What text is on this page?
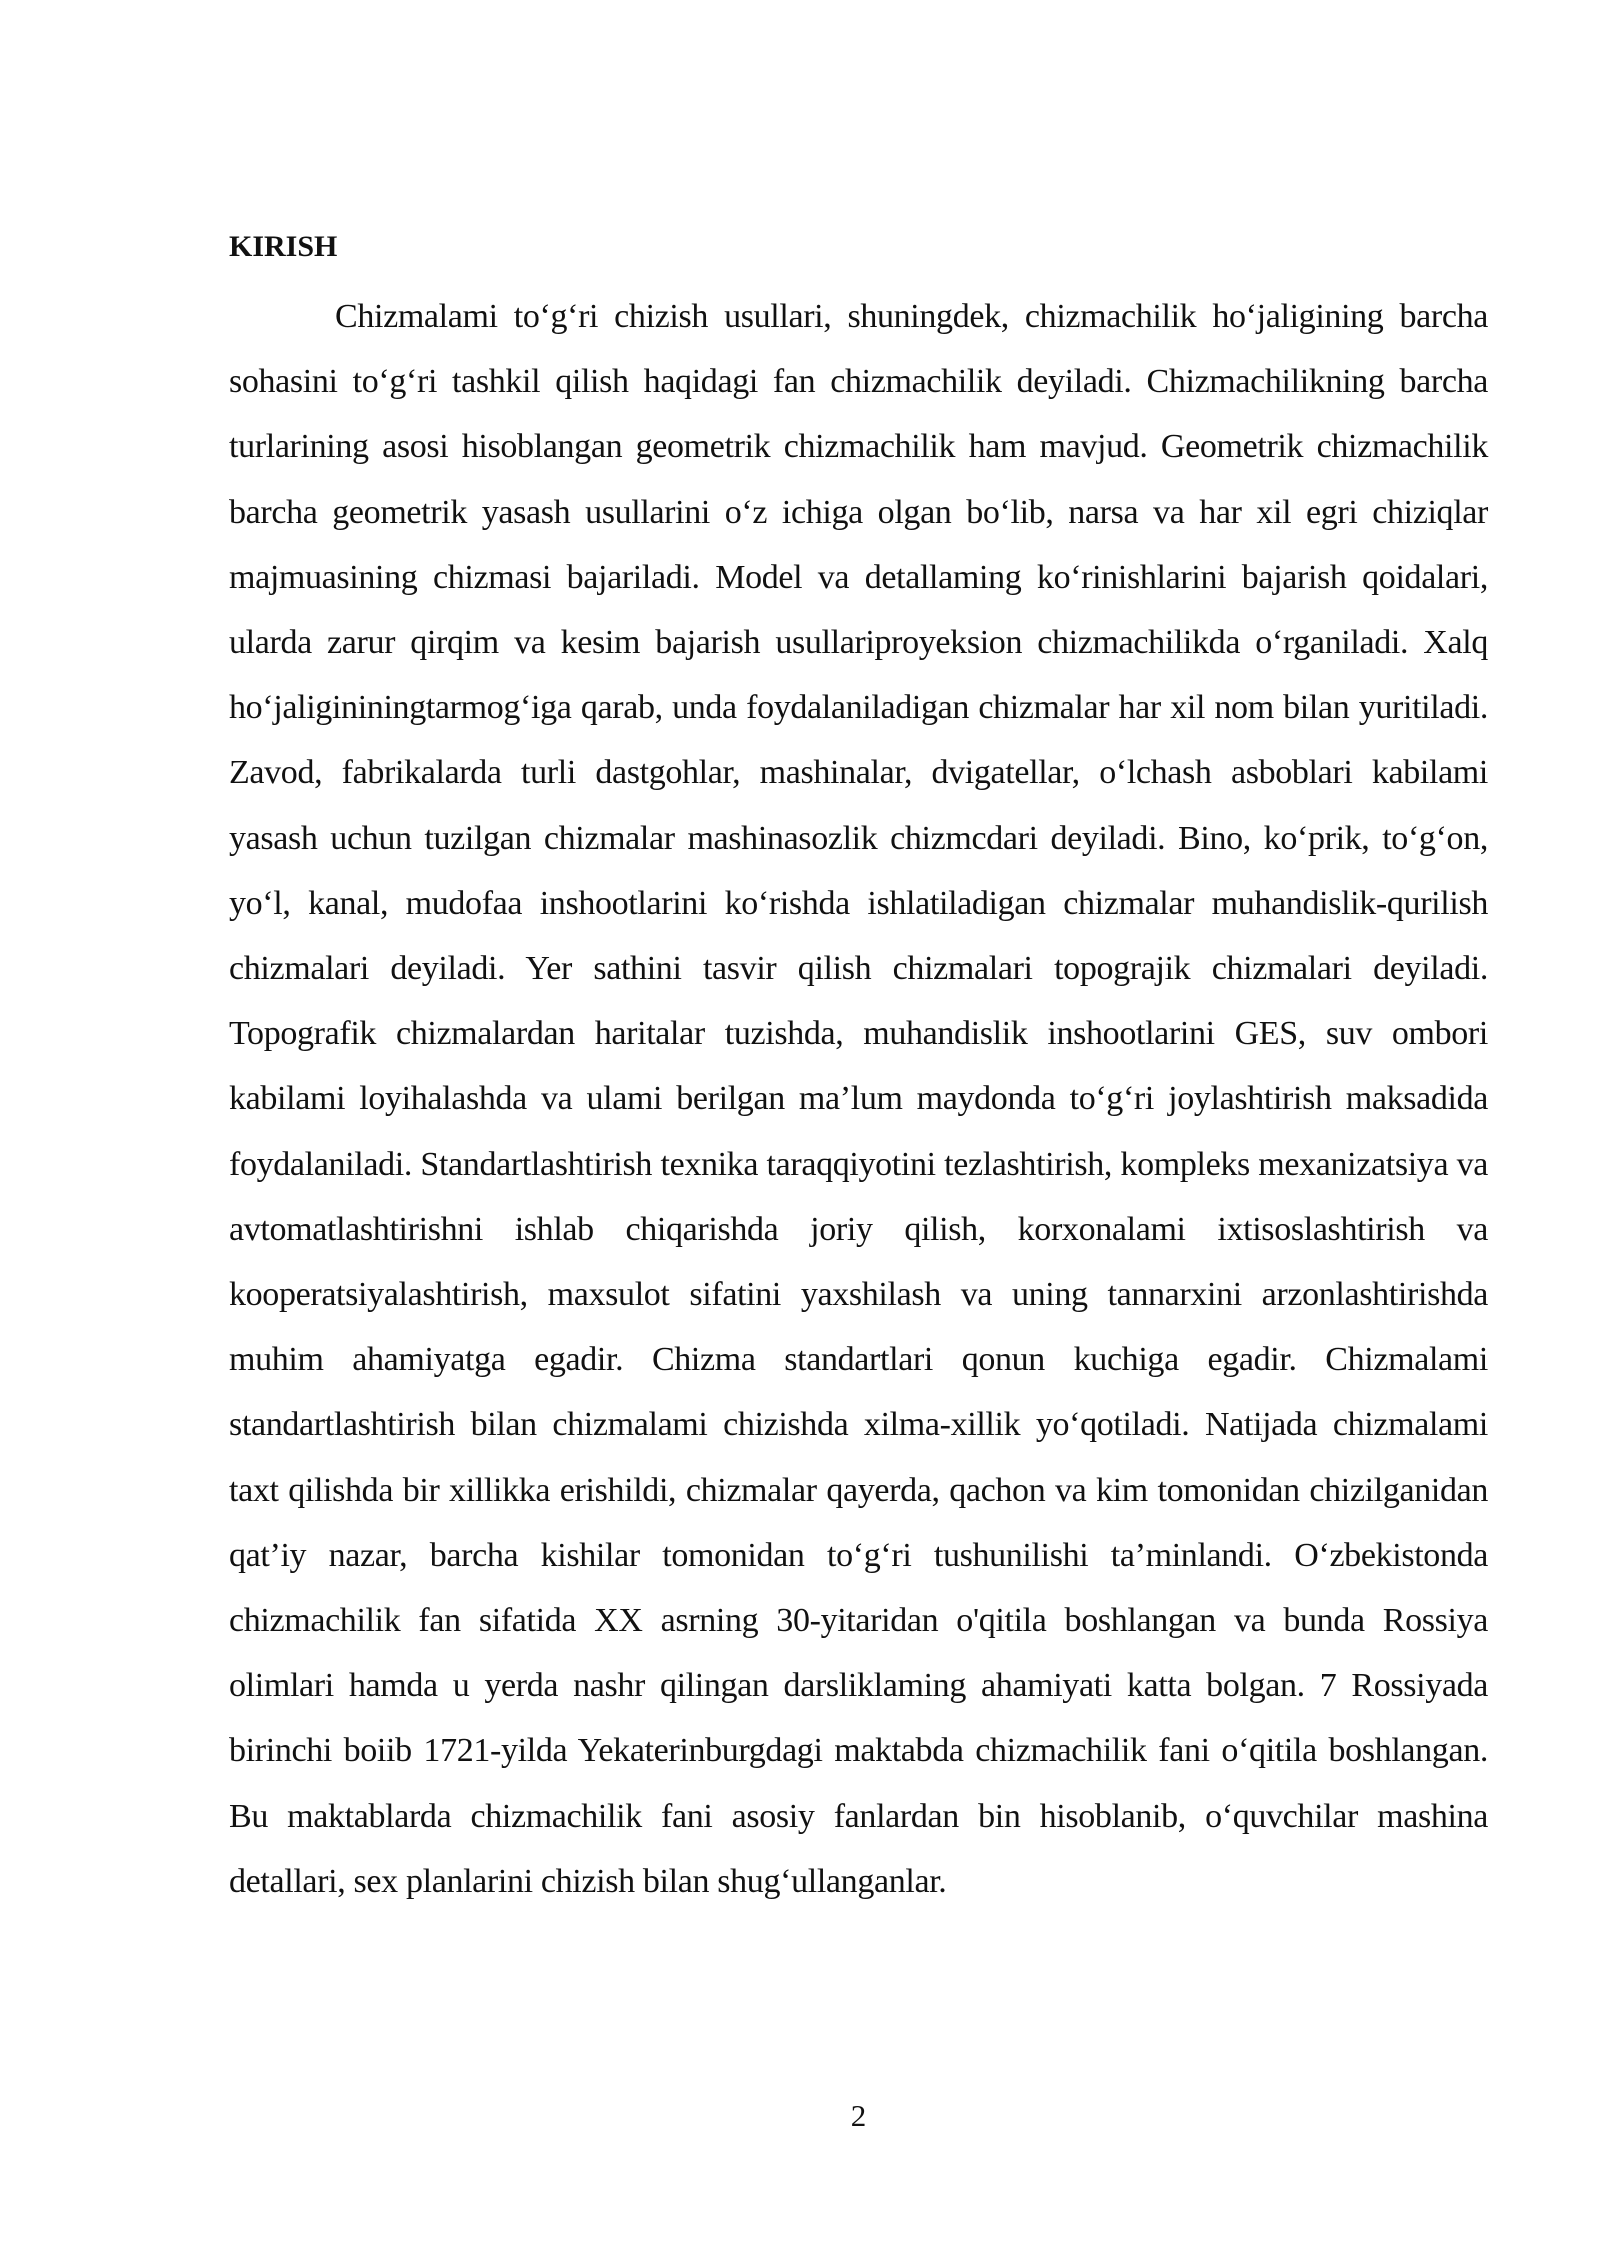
KIRISH

Chizmalami to‘g‘ri chizish usullari, shuningdek, chizmachilik ho‘jaligining barcha sohasini to‘g‘ri tashkil qilish haqidagi fan chizmachilik deyiladi. Chizmachilikning barcha turlarining asosi hisoblangan geometrik chizmachilik ham mavjud. Geometrik chizmachilik barcha geometrik yasash usullarini o‘z ichiga olgan bo‘lib, narsa va har xil egri chiziqlar majmuasining chizmasi bajariladi. Model va detallaming ko‘rinishlarini bajarish qoidalari, ularda zarur qirqim va kesim bajarish usullariproyeksion chizmachilikda o‘rganiladi. Xalq ho‘jaligininingtarmog‘iga qarab, unda foydalaniladigan chizmalar har xil nom bilan yuritiladi. Zavod, fabrikalarda turli dastgohlar, mashinalar, dvigatellar, o‘lchash asboblari kabilami yasash uchun tuzilgan chizmalar mashinasozlik chizmcdari deyiladi. Bino, ko‘prik, to‘g‘on, yo‘l, kanal, mudofaa inshootlarini ko‘rishda ishlatiladigan chizmalar muhandislik-qurilish chizmalari deyiladi. Yer sathini tasvir qilish chizmalari topograjik chizmalari deyiladi. Topografik chizmalardan haritalar tuzishda, muhandislik inshootlarini GES, suv ombori kabilami loyihalashda va ulami berilgan ma’lum maydonda to‘g‘ri joylashtirish maksadida foydalaniladi. Standartlashtirish texnika taraqqiyotini tezlashtirish, kompleks mexanizatsiya va avtomatlashtirishni ishlab chiqarishda joriy qilish, korxonalami ixtisoslashtirish va kooperatsiyalashtirish, maxsulot sifatini yaxshilash va uning tannarxini arzonlashtirishda muhim ahamiyatga egadir. Chizma standartlari qonun kuchiga egadir. Chizmalami standartlashtirish bilan chizmalami chizishda xilma-xillik yo‘qotiladi. Natijada chizmalami taxt qilishda bir xillikka erishildi, chizmalar qayerda, qachon va kim tomonidan chizilganidan qat’iy nazar, barcha kishilar tomonidan to‘g‘ri tushunilishi ta’minlandi. O‘zbekistonda chizmachilik fan sifatida XX asrning 30-yitaridan o'qitila boshlangan va bunda Rossiya olimlari hamda u yerda nashr qilingan darsliklaming ahamiyati katta bolgan. 7 Rossiyada birinchi boiib 1721-yilda Yekaterinburgdagi maktabda chizmachilik fani o‘qitila boshlangan. Bu maktablarda chizmachilik fani asosiy fanlardan bin hisoblanib, o‘quvchilar mashina detallari, sex planlarini chizish bilan shug‘ullanganlar.

2
